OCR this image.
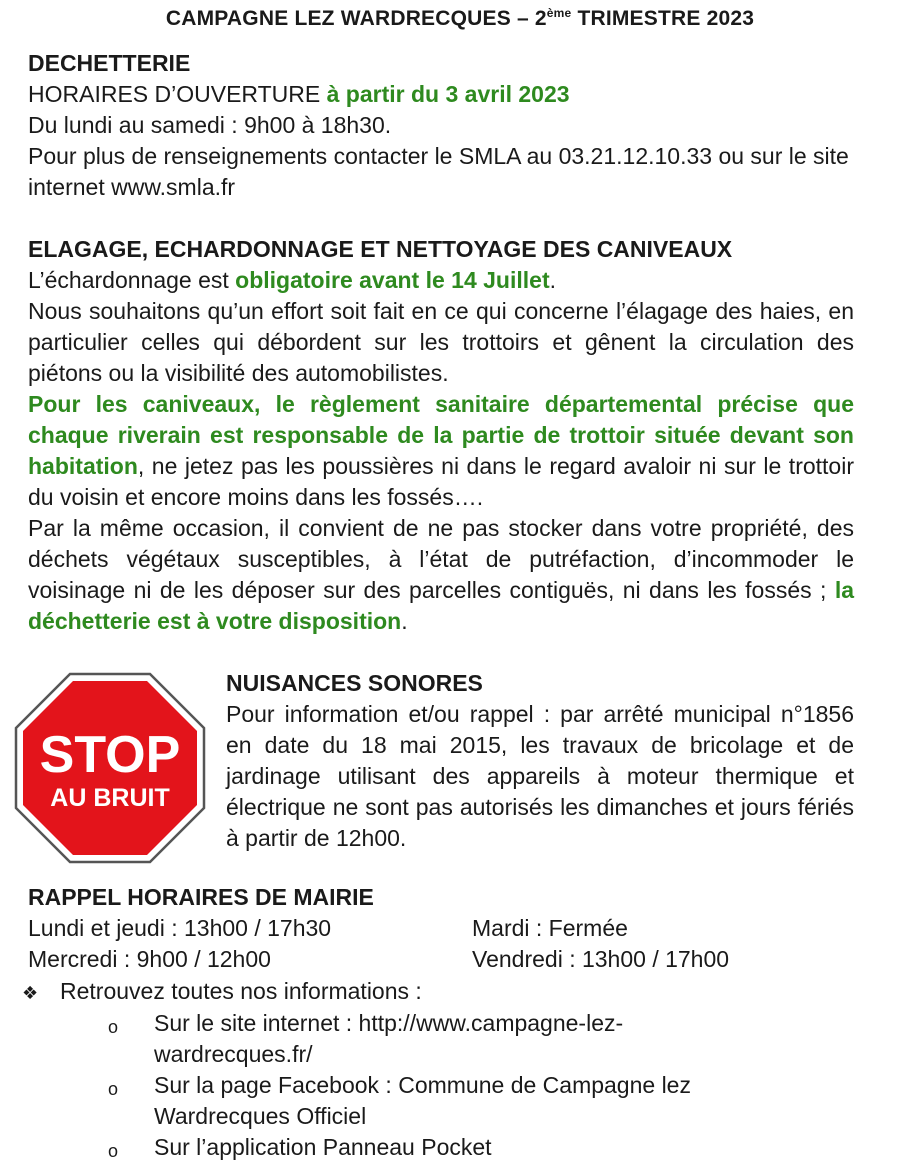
CAMPAGNE LEZ WARDRECQUES – 2ème TRIMESTRE 2023

DECHETTERIE

HORAIRES D’OUVERTURE à partir du 3 avril 2023

Du lundi au samedi : 9h00 à 18h30.

Pour plus de renseignements contacter le SMLA au 03.21.12.10.33 ou sur le site internet www.smla.fr

ELAGAGE, ECHARDONNAGE ET NETTOYAGE DES CANIVEAUX

L’échardonnage est obligatoire avant le 14 Juillet.

Nous souhaitons qu’un effort soit fait en ce qui concerne l’élagage des haies, en particulier celles qui débordent sur les trottoirs et gênent la circulation des piétons ou la visibilité des automobilistes.

Pour les caniveaux, le règlement sanitaire départemental précise que chaque riverain est responsable de la partie de trottoir située devant son habitation, ne jetez pas les poussières ni dans le regard avaloir ni sur le trottoir du voisin et encore moins dans les fossés….

Par la même occasion, il convient de ne pas stocker dans votre propriété, des déchets végétaux susceptibles, à l’état de putréfaction, d’incommoder le voisinage ni de les déposer sur des parcelles contiguës, ni dans les fossés ; la déchetterie est à votre disposition.

STOP
AU BRUIT

NUISANCES SONORES

Pour information et/ou rappel : par arrêté municipal n°1856 en date du 18 mai 2015, les travaux de bricolage et de jardinage utilisant des appareils à moteur thermique et électrique ne sont pas autorisés les dimanches et jours fériés à partir de 12h00.

RAPPEL HORAIRES DE MAIRIE

Lundi et jeudi : 13h00 / 17h30	Mardi : Fermée
Mercredi : 9h00 / 12h00	Vendredi : 13h00 / 17h00
❖ Retrouvez toutes nos informations :
o Sur le site internet : http://www.campagne-lez-wardrecques.fr/
o Sur la page Facebook : Commune de Campagne lez Wardrecques Officiel
o Sur l’application Panneau Pocket
